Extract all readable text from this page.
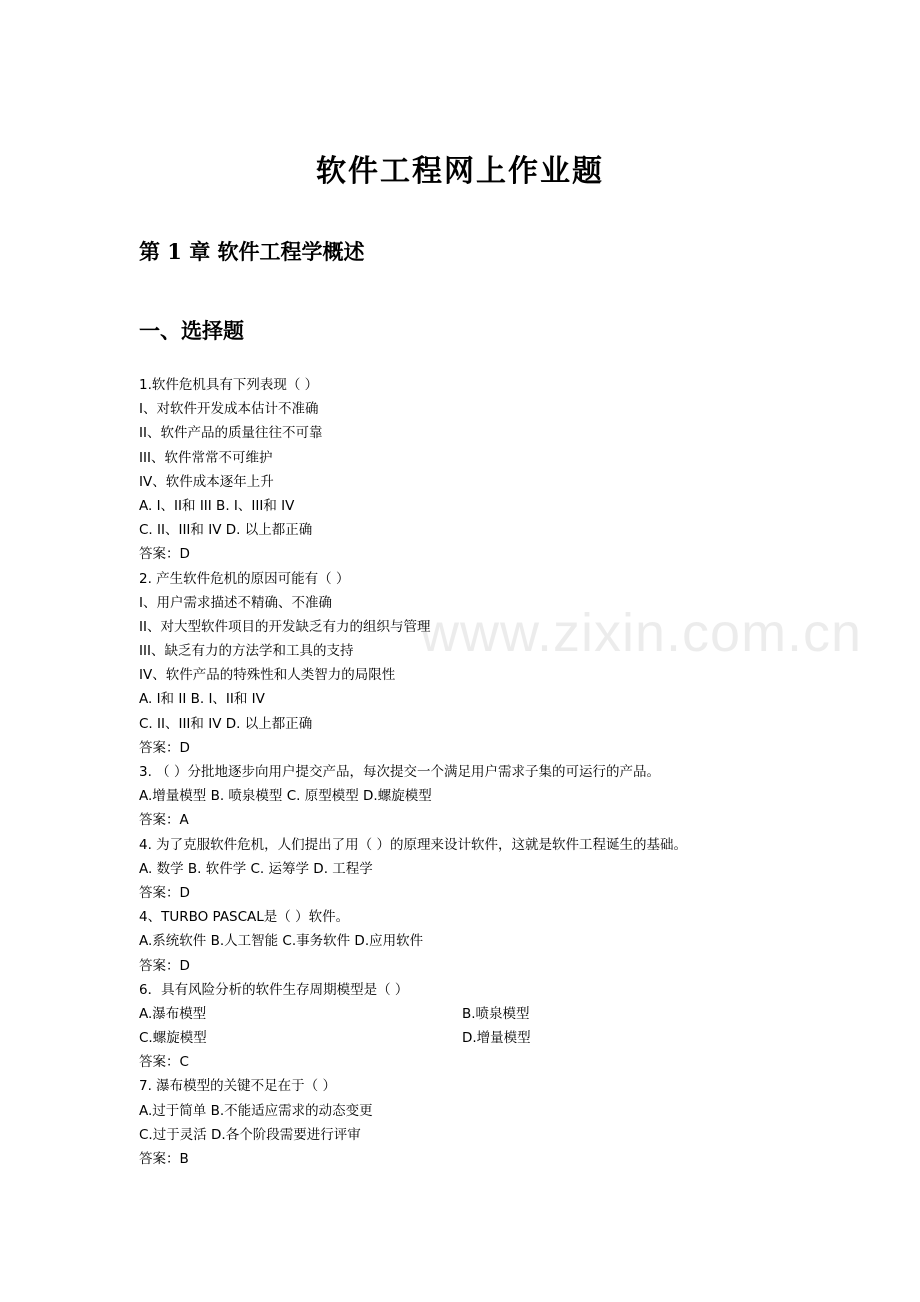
www.zixin.com.cn
软件工程网上作业题
第 1 章 软件工程学概述
一、选择题
1.软件危机具有下列表现（ ）
I、对软件开发成本估计不准确
II、软件产品的质量往往不可靠
III、软件常常不可维护
IV、软件成本逐年上升
A. I、II和 III B. I、III和 IV
C. II、III和 IV D. 以上都正确
答案：D
2. 产生软件危机的原因可能有（ ）
I、用户需求描述不精确、不准确
II、对大型软件项目的开发缺乏有力的组织与管理
III、缺乏有力的方法学和工具的支持
IV、软件产品的特殊性和人类智力的局限性
A. I和 II B. I、II和 IV
C. II、III和 IV D. 以上都正确
答案：D
3. （ ）分批地逐步向用户提交产品，每次提交一个满足用户需求子集的可运行的产品。
A.增量模型 B. 喷泉模型 C. 原型模型 D.螺旋模型
答案：A
4. 为了克服软件危机，人们提出了用（ ）的原理来设计软件，这就是软件工程诞生的基础。
A. 数学 B. 软件学 C. 运筹学 D. 工程学
答案：D
4、TURBO PASCAL是（ ）软件。
A.系统软件 B.人工智能 C.事务软件 D.应用软件
答案：D
6．具有风险分析的软件生存周期模型是（ ）
A.瀑布模型	B.喷泉模型
C.螺旋模型	D.增量模型
答案：C
7. 瀑布模型的关键不足在于（ ）
A.过于简单 B.不能适应需求的动态变更
C.过于灵活 D.各个阶段需要进行评审
答案：B
